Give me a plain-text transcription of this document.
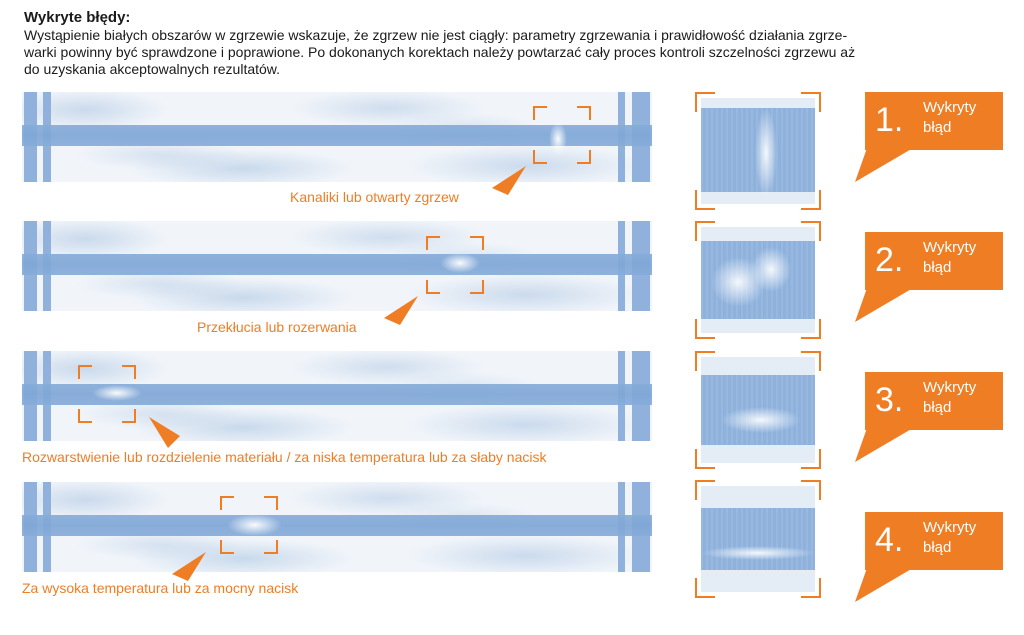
Wykryte błędy:
Wystąpienie białych obszarów w zgrzewie wskazuje, że zgrzew nie jest ciągły: parametry zgrzewania i prawidłowość działania zgrze-
warki powinny być sprawdzone i poprawione. Po dokonanych korektach należy powtarzać cały proces kontroli szczelności zgrzewu aż
do uzyskania akceptowalnych rezultatów.
Kanaliki lub otwarty zgrzew
Przekłucia lub rozerwania
Rozwarstwienie lub rozdzielenie materiału / za niska temperatura lub za słaby nacisk
Za wysoka temperatura lub za mocny nacisk
1. Wykryty
błąd
2. Wykryty
błąd
3. Wykryty
błąd
4. Wykryty
błąd
